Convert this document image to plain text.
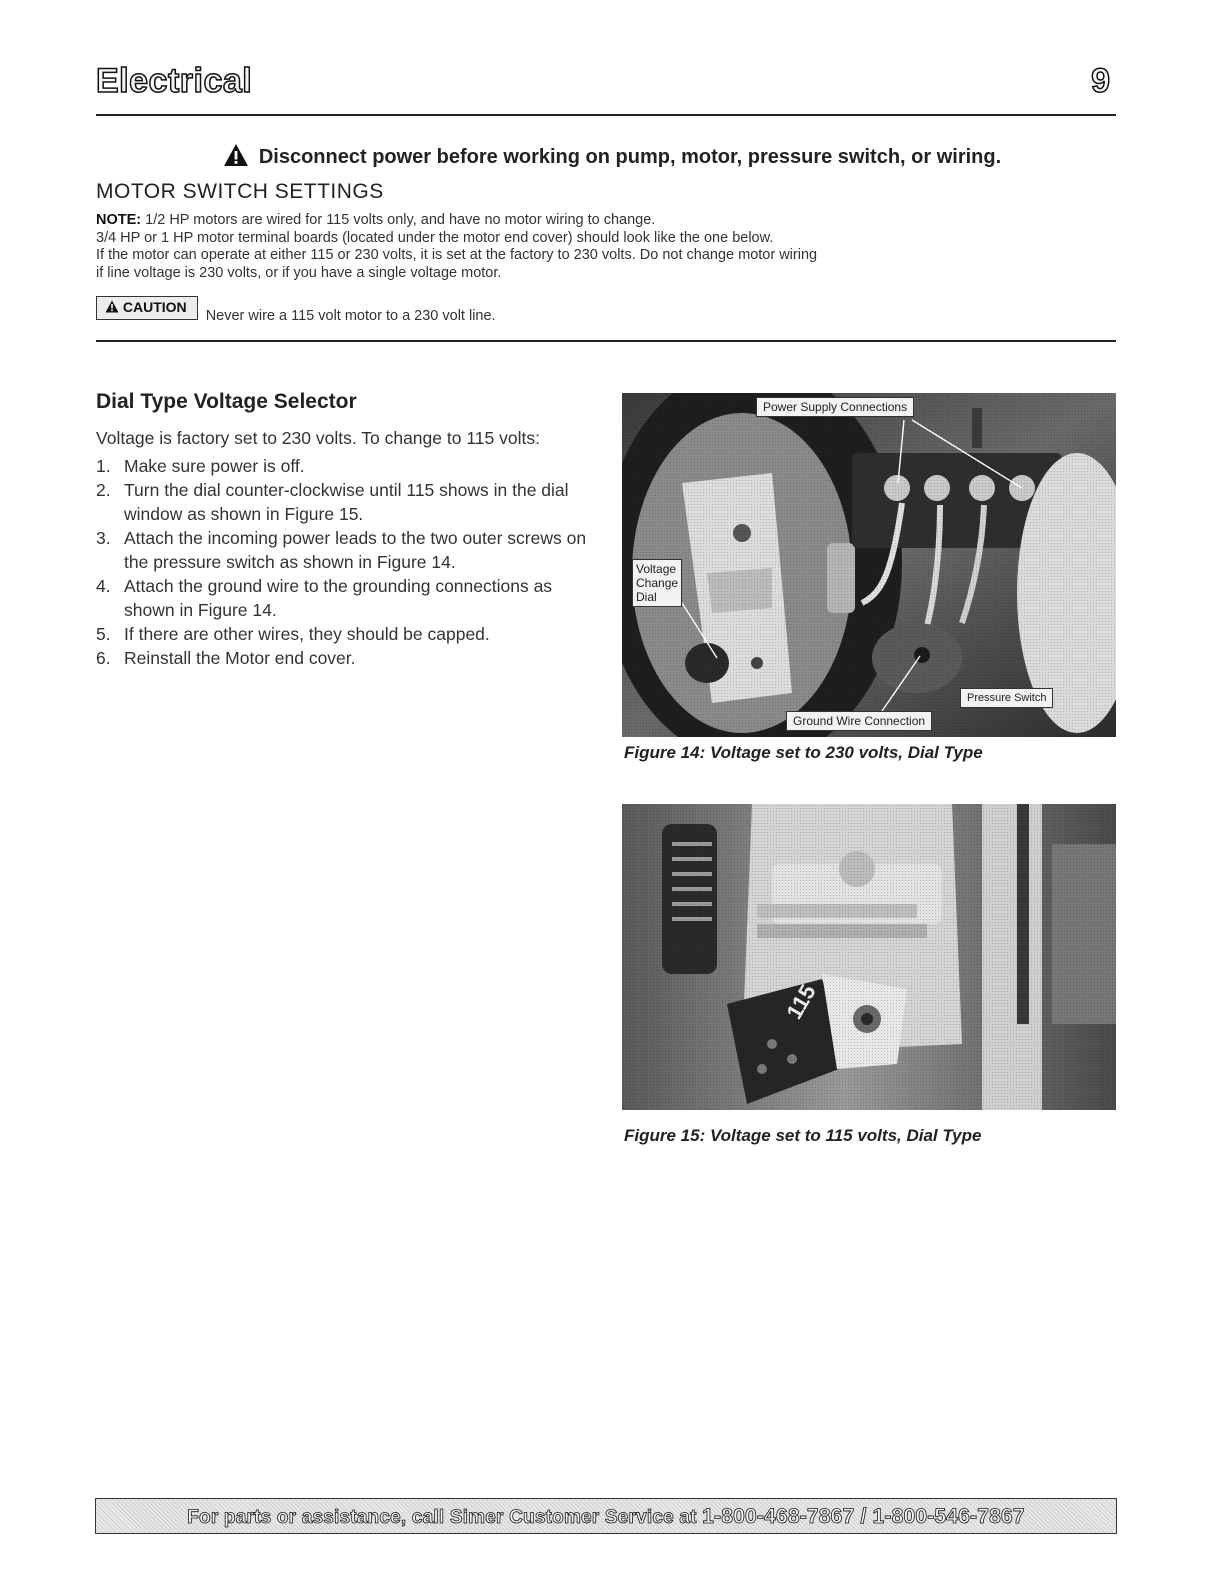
Electrical	9
Disconnect power before working on pump, motor, pressure switch, or wiring.
MOTOR SWITCH SETTINGS

NOTE: 1/2 HP motors are wired for 115 volts only, and have no motor wiring to change.

3/4 HP or 1 HP motor terminal boards (located under the motor end cover) should look like the one below.

If the motor can operate at either 115 or 230 volts, it is set at the factory to 230 volts. Do not change motor wiring

if line voltage is 230 volts, or if you have a single voltage motor.

CAUTION Never wire a 115 volt motor to a 230 volt line.
Dial Type Voltage Selector
Voltage is factory set to 230 volts. To change to 115 volts:
1. Make sure power is off.
2. Turn the dial counter-clockwise until 115 shows in the dial window as shown in Figure 15.
3. Attach the incoming power leads to the two outer screws on the pressure switch as shown in Figure 14.
4. Attach the ground wire to the grounding connections as shown in Figure 14.
5. If there are other wires, they should be capped.
6. Reinstall the Motor end cover.
Power Supply Connections
Voltage
Change
Dial
Pressure Switch
Ground Wire Connection
Figure 14: Voltage set to 230 volts, Dial Type
Figure 15: Voltage set to 115 volts, Dial Type
For parts or assistance, call Simer Customer Service at 1-800-468-7867 / 1-800-546-7867
